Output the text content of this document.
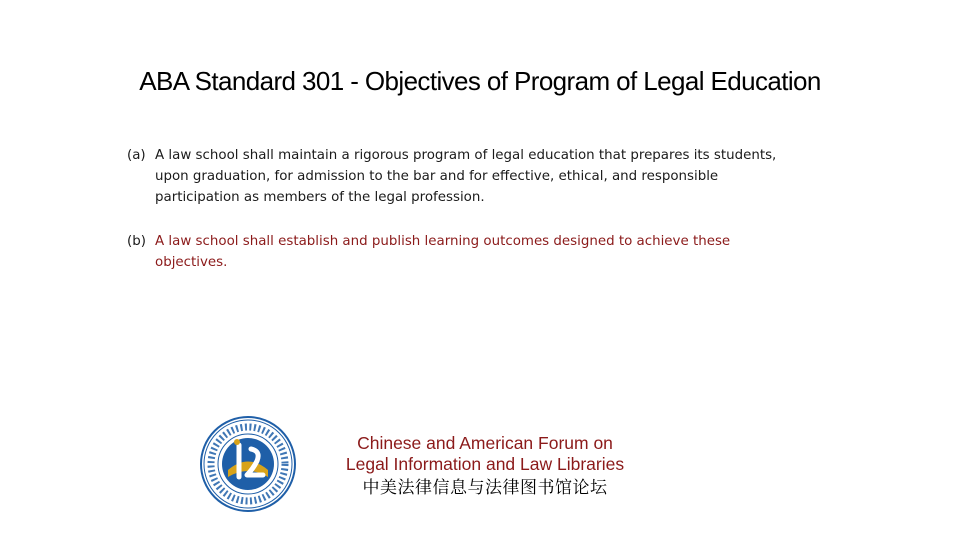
ABA Standard 301 - Objectives of Program of Legal Education
(a) A law school shall maintain a rigorous program of legal education that prepares its students, upon graduation, for admission to the bar and for effective, ethical, and responsible participation as members of the legal profession.
(b) A law school shall establish and publish learning outcomes designed to achieve these objectives.
Chinese and American Forum on
Legal Information and Law Libraries
中美法律信息与法律图书馆论坛
